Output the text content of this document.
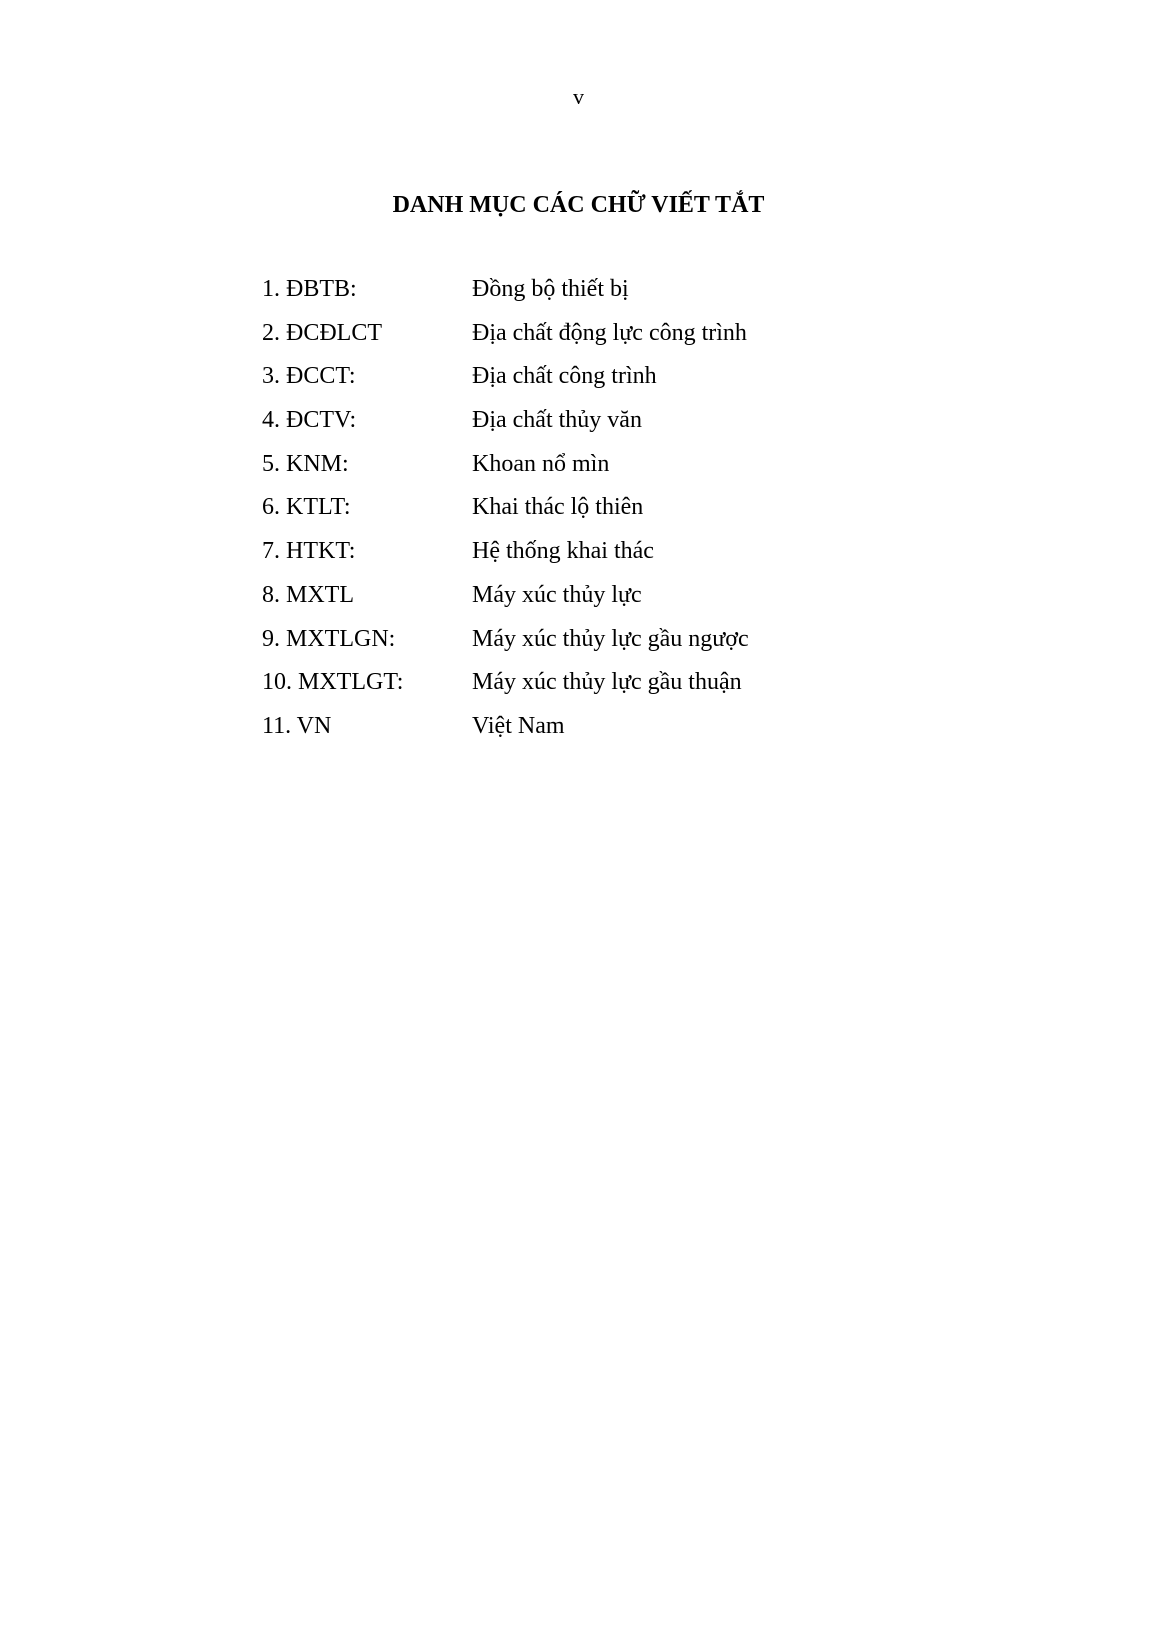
v
DANH MỤC CÁC CHỮ VIẾT TẮT
1. ĐBTB:	Đồng bộ thiết bị
2. ĐCĐLCT	Địa chất động lực công trình
3. ĐCCT:	Địa chất công trình
4. ĐCTV:	Địa chất thủy văn
5. KNM:	Khoan nổ mìn
6. KTLT:	Khai thác lộ thiên
7. HTKT:	Hệ thống khai thác
8. MXTL	Máy xúc thủy lực
9. MXTLGN:	Máy xúc thủy lực gầu ngược
10. MXTLGT:	Máy xúc thủy lực gầu thuận
11. VN	Việt Nam
